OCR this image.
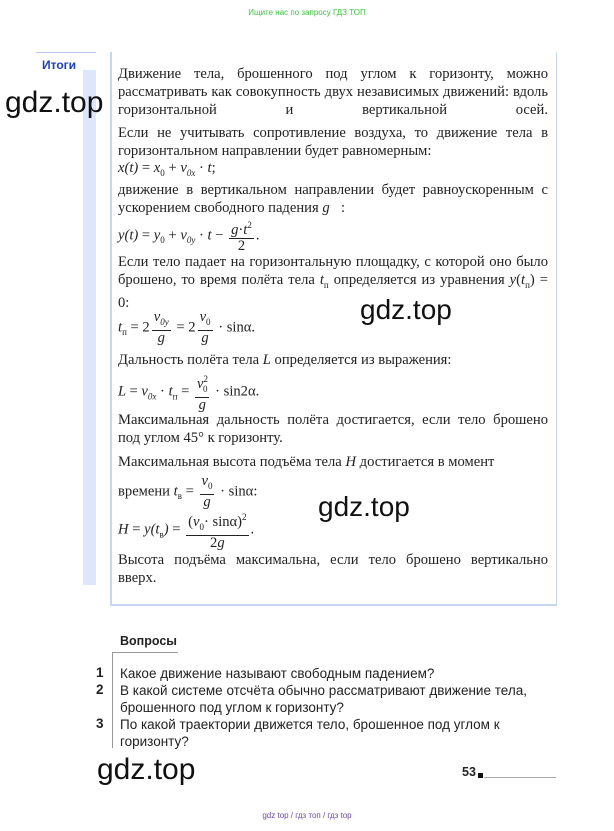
Ищите нас по запросу ГДЗ ТОП
Итоги
Движение тела, брошенного под углом к горизонту, можно рассматривать как совокупность двух независимых движений: вдоль горизонтальной и вертикальной осей.
Если не учитывать сопротивление воздуха, то движение тела в горизонтальном направлении будет равномерным:
$x(t) = x_0 + v_{0x} \cdot t$;
движение в вертикальном направлении будет равноускоренным с ускорением свободного падения g⃗:
$y(t) = y_0 + v_{0y} \cdot t - \frac{g\cdot t^2}{2}$ .
Если тело падает на горизонтальную площадку, с которой оно было брошено, то время полёта тела $t_п$ определяется из уравнения $y(t_п) = 0$:
$t_п = 2 \frac{v_{0y}}{g} = 2 \frac{v_0}{g} \cdot \sin\alpha$.
Дальность полёта тела L определяется из выражения:
$L = v_{0x} \cdot t_п = \frac{v^2_0}{g} \cdot \sin 2\alpha$.
Максимальная дальность полёта достигается, если тело брошено под углом 45° к горизонту.
Максимальная высота подъёма тела H достигается в момент
времени $t_в = \frac{v_0}{g} \cdot \sin\alpha$:
$H = y(t_в) = \frac{(v_0\cdot \sin\alpha)^2}{2g}$ .
Высота подъёма максимальна, если тело брошено вертикально вверх.
Вопросы
1 Какое движение называют свободным падением?
2 В какой системе отсчёта обычно рассматривают движение тела, брошенного под углом к горизонту?
3 По какой траектории движется тело, брошенное под углом к горизонту?
gdz.top
gdz.top
gdz.top
gdz.top	53
gdz top / гдз топ / гдз top
